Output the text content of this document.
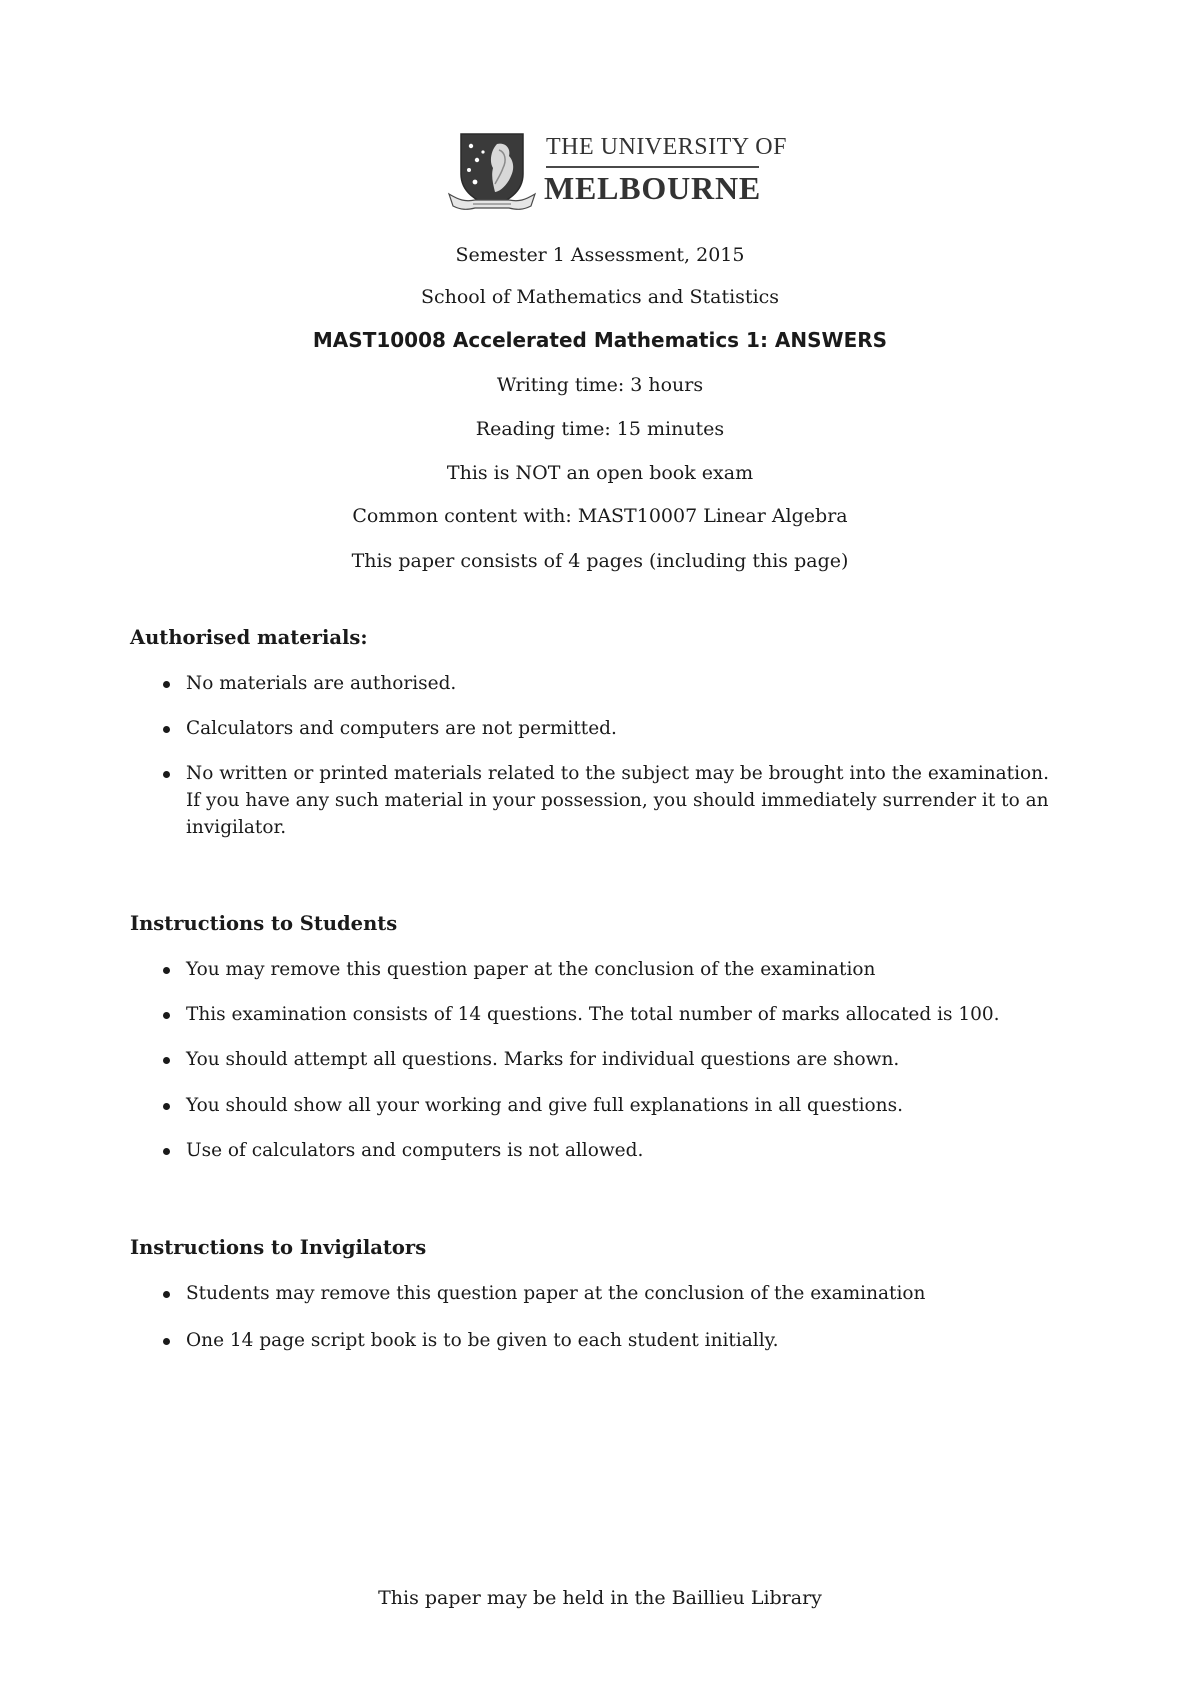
THE UNIVERSITY OF
MELBOURNE
Semester 1 Assessment, 2015
School of Mathematics and Statistics
MAST10008 Accelerated Mathematics 1: ANSWERS
Writing time: 3 hours
Reading time: 15 minutes
This is NOT an open book exam
Common content with: MAST10007 Linear Algebra
This paper consists of 4 pages (including this page)
Authorised materials:
No materials are authorised.
Calculators and computers are not permitted.
No written or printed materials related to the subject may be brought into the examination.
If you have any such material in your possession, you should immediately surrender it to an
invigilator.
Instructions to Students
You may remove this question paper at the conclusion of the examination
This examination consists of 14 questions. The total number of marks allocated is 100.
You should attempt all questions. Marks for individual questions are shown.
You should show all your working and give full explanations in all questions.
Use of calculators and computers is not allowed.
Instructions to Invigilators
Students may remove this question paper at the conclusion of the examination
One 14 page script book is to be given to each student initially.
This paper may be held in the Baillieu Library
